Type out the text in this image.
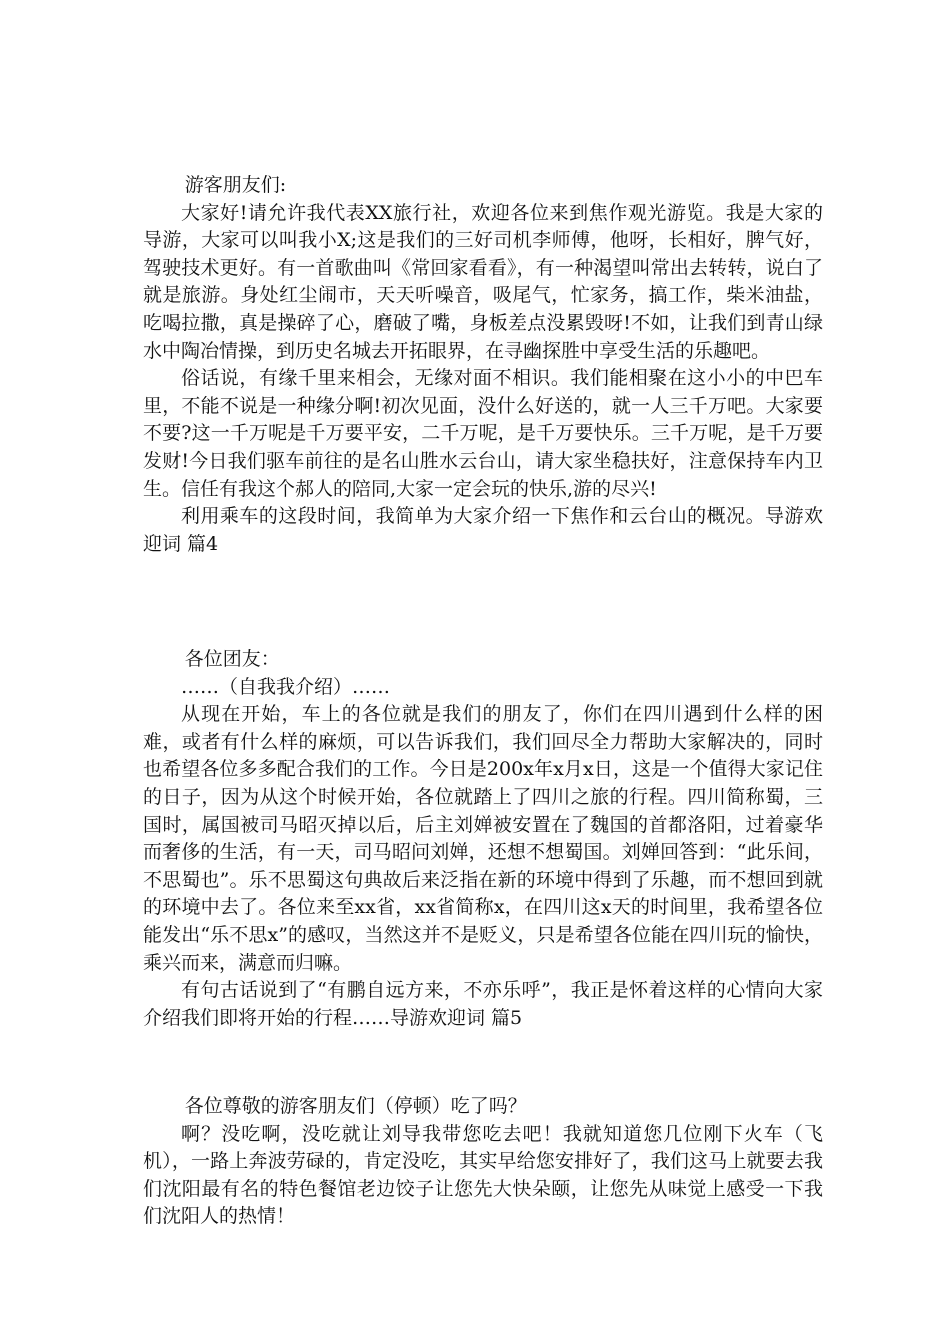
游客朋友们:

大家好!请允许我代表XX旅行社，欢迎各位来到焦作观光游览。我是大家的导游，大家可以叫我小X;这是我们的三好司机李师傅，他呀，长相好，脾气好，驾驶技术更好。有一首歌曲叫《常回家看看》，有一种渴望叫常出去转转，说白了就是旅游。身处红尘闹市，天天听噪音，吸尾气，忙家务，搞工作，柴米油盐，吃喝拉撒，真是操碎了心，磨破了嘴，身板差点没累毁呀!不如，让我们到青山绿水中陶冶情操，到历史名城去开拓眼界，在寻幽探胜中享受生活的乐趣吧。

俗话说，有缘千里来相会，无缘对面不相识。我们能相聚在这小小的中巴车里，不能不说是一种缘分啊!初次见面，没什么好送的，就一人三千万吧。大家要不要?这一千万呢是千万要平安，二千万呢，是千万要快乐。三千万呢，是千万要发财!今日我们驱车前往的是名山胜水云台山，请大家坐稳扶好，注意保持车内卫生。信任有我这个郝人的陪同,大家一定会玩的快乐,游的尽兴!

利用乘车的这段时间，我简单为大家介绍一下焦作和云台山的概况。导游欢迎词 篇4

各位团友：

……（自我我介绍）……

从现在开始，车上的各位就是我们的朋友了，你们在四川遇到什么样的困难，或者有什么样的麻烦，可以告诉我们，我们回尽全力帮助大家解决的，同时也希望各位多多配合我们的工作。今日是200x年x月x日，这是一个值得大家记住的日子，因为从这个时候开始，各位就踏上了四川之旅的行程。四川简称蜀，三国时，属国被司马昭灭掉以后，后主刘婵被安置在了魏国的首都洛阳，过着豪华而奢侈的生活，有一天，司马昭问刘婵，还想不想蜀国。刘婵回答到：“此乐间，不思蜀也”。乐不思蜀这句典故后来泛指在新的环境中得到了乐趣，而不想回到就的环境中去了。各位来至xx省，xx省简称x，在四川这x天的时间里，我希望各位能发出“乐不思x”的感叹，当然这并不是贬义，只是希望各位能在四川玩的愉快，乘兴而来，满意而归嘛。

有句古话说到了“有鹏自远方来，不亦乐呼”，我正是怀着这样的心情向大家介绍我们即将开始的行程……导游欢迎词 篇5

各位尊敬的游客朋友们（停顿）吃了吗？

啊？没吃啊，没吃就让刘导我带您吃去吧！我就知道您几位刚下火车（飞机），一路上奔波劳碌的，肯定没吃，其实早给您安排好了，我们这马上就要去我们沈阳最有名的特色餐馆老边饺子让您先大快朵颐，让您先从味觉上感受一下我们沈阳人的热情！
